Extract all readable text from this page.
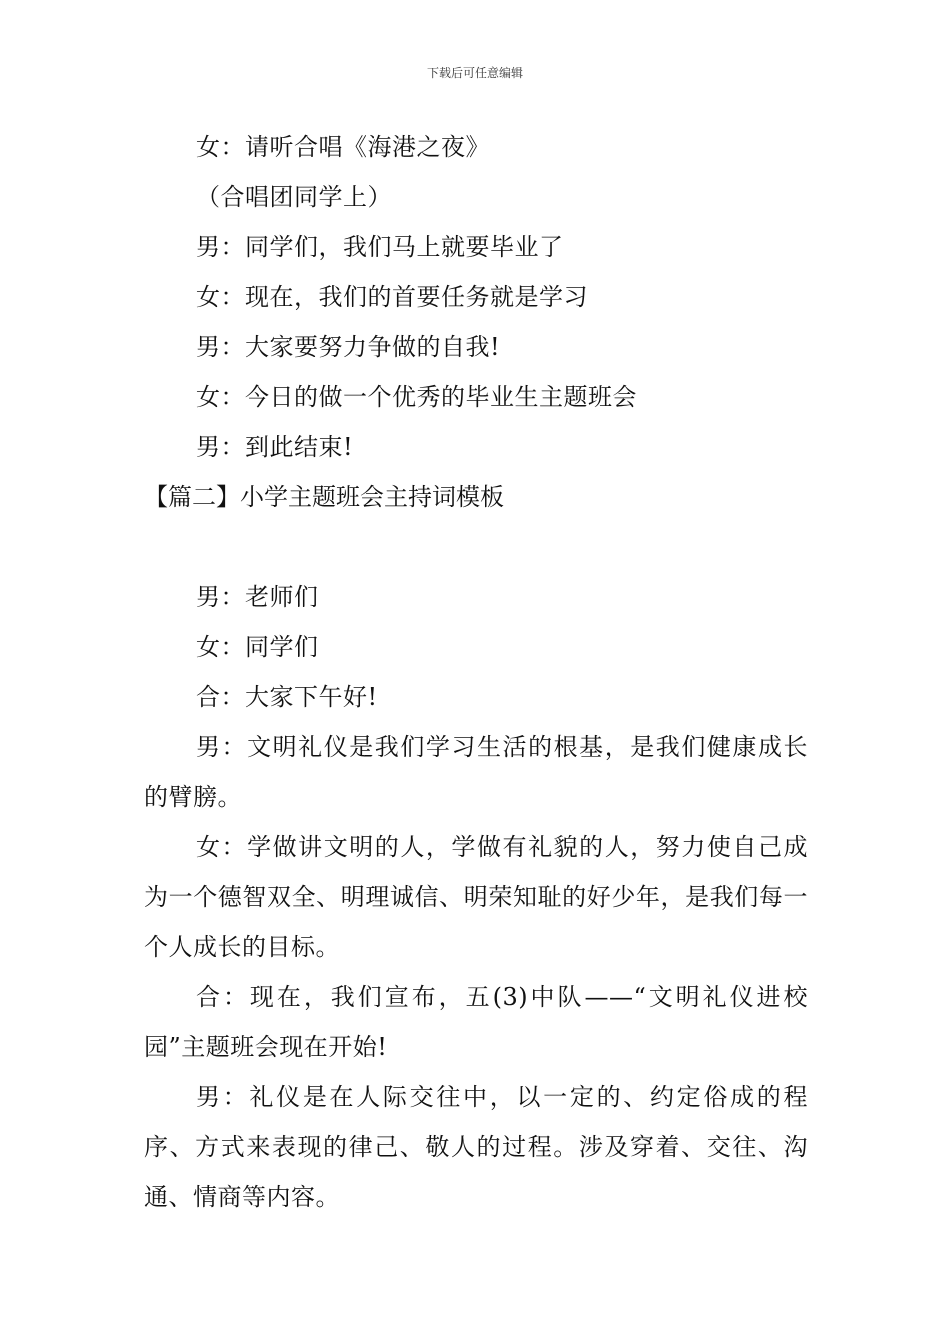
下载后可任意编辑

女：请听合唱《海港之夜》

（合唱团同学上）

男：同学们，我们马上就要毕业了

女：现在，我们的首要任务就是学习

男：大家要努力争做的自我!

女：今日的做一个优秀的毕业生主题班会

男：到此结束!

【篇二】小学主题班会主持词模板

男：老师们

女：同学们

合：大家下午好!

男：文明礼仪是我们学习生活的根基，是我们健康成长的臂膀。

女：学做讲文明的人，学做有礼貌的人，努力使自己成为一个德智双全、明理诚信、明荣知耻的好少年，是我们每一个人成长的目标。

合：现在，我们宣布，五(3)中队——“文明礼仪进校园”主题班会现在开始!

男：礼仪是在人际交往中，以一定的、约定俗成的程序、方式来表现的律己、敬人的过程。涉及穿着、交往、沟通、情商等内容。
